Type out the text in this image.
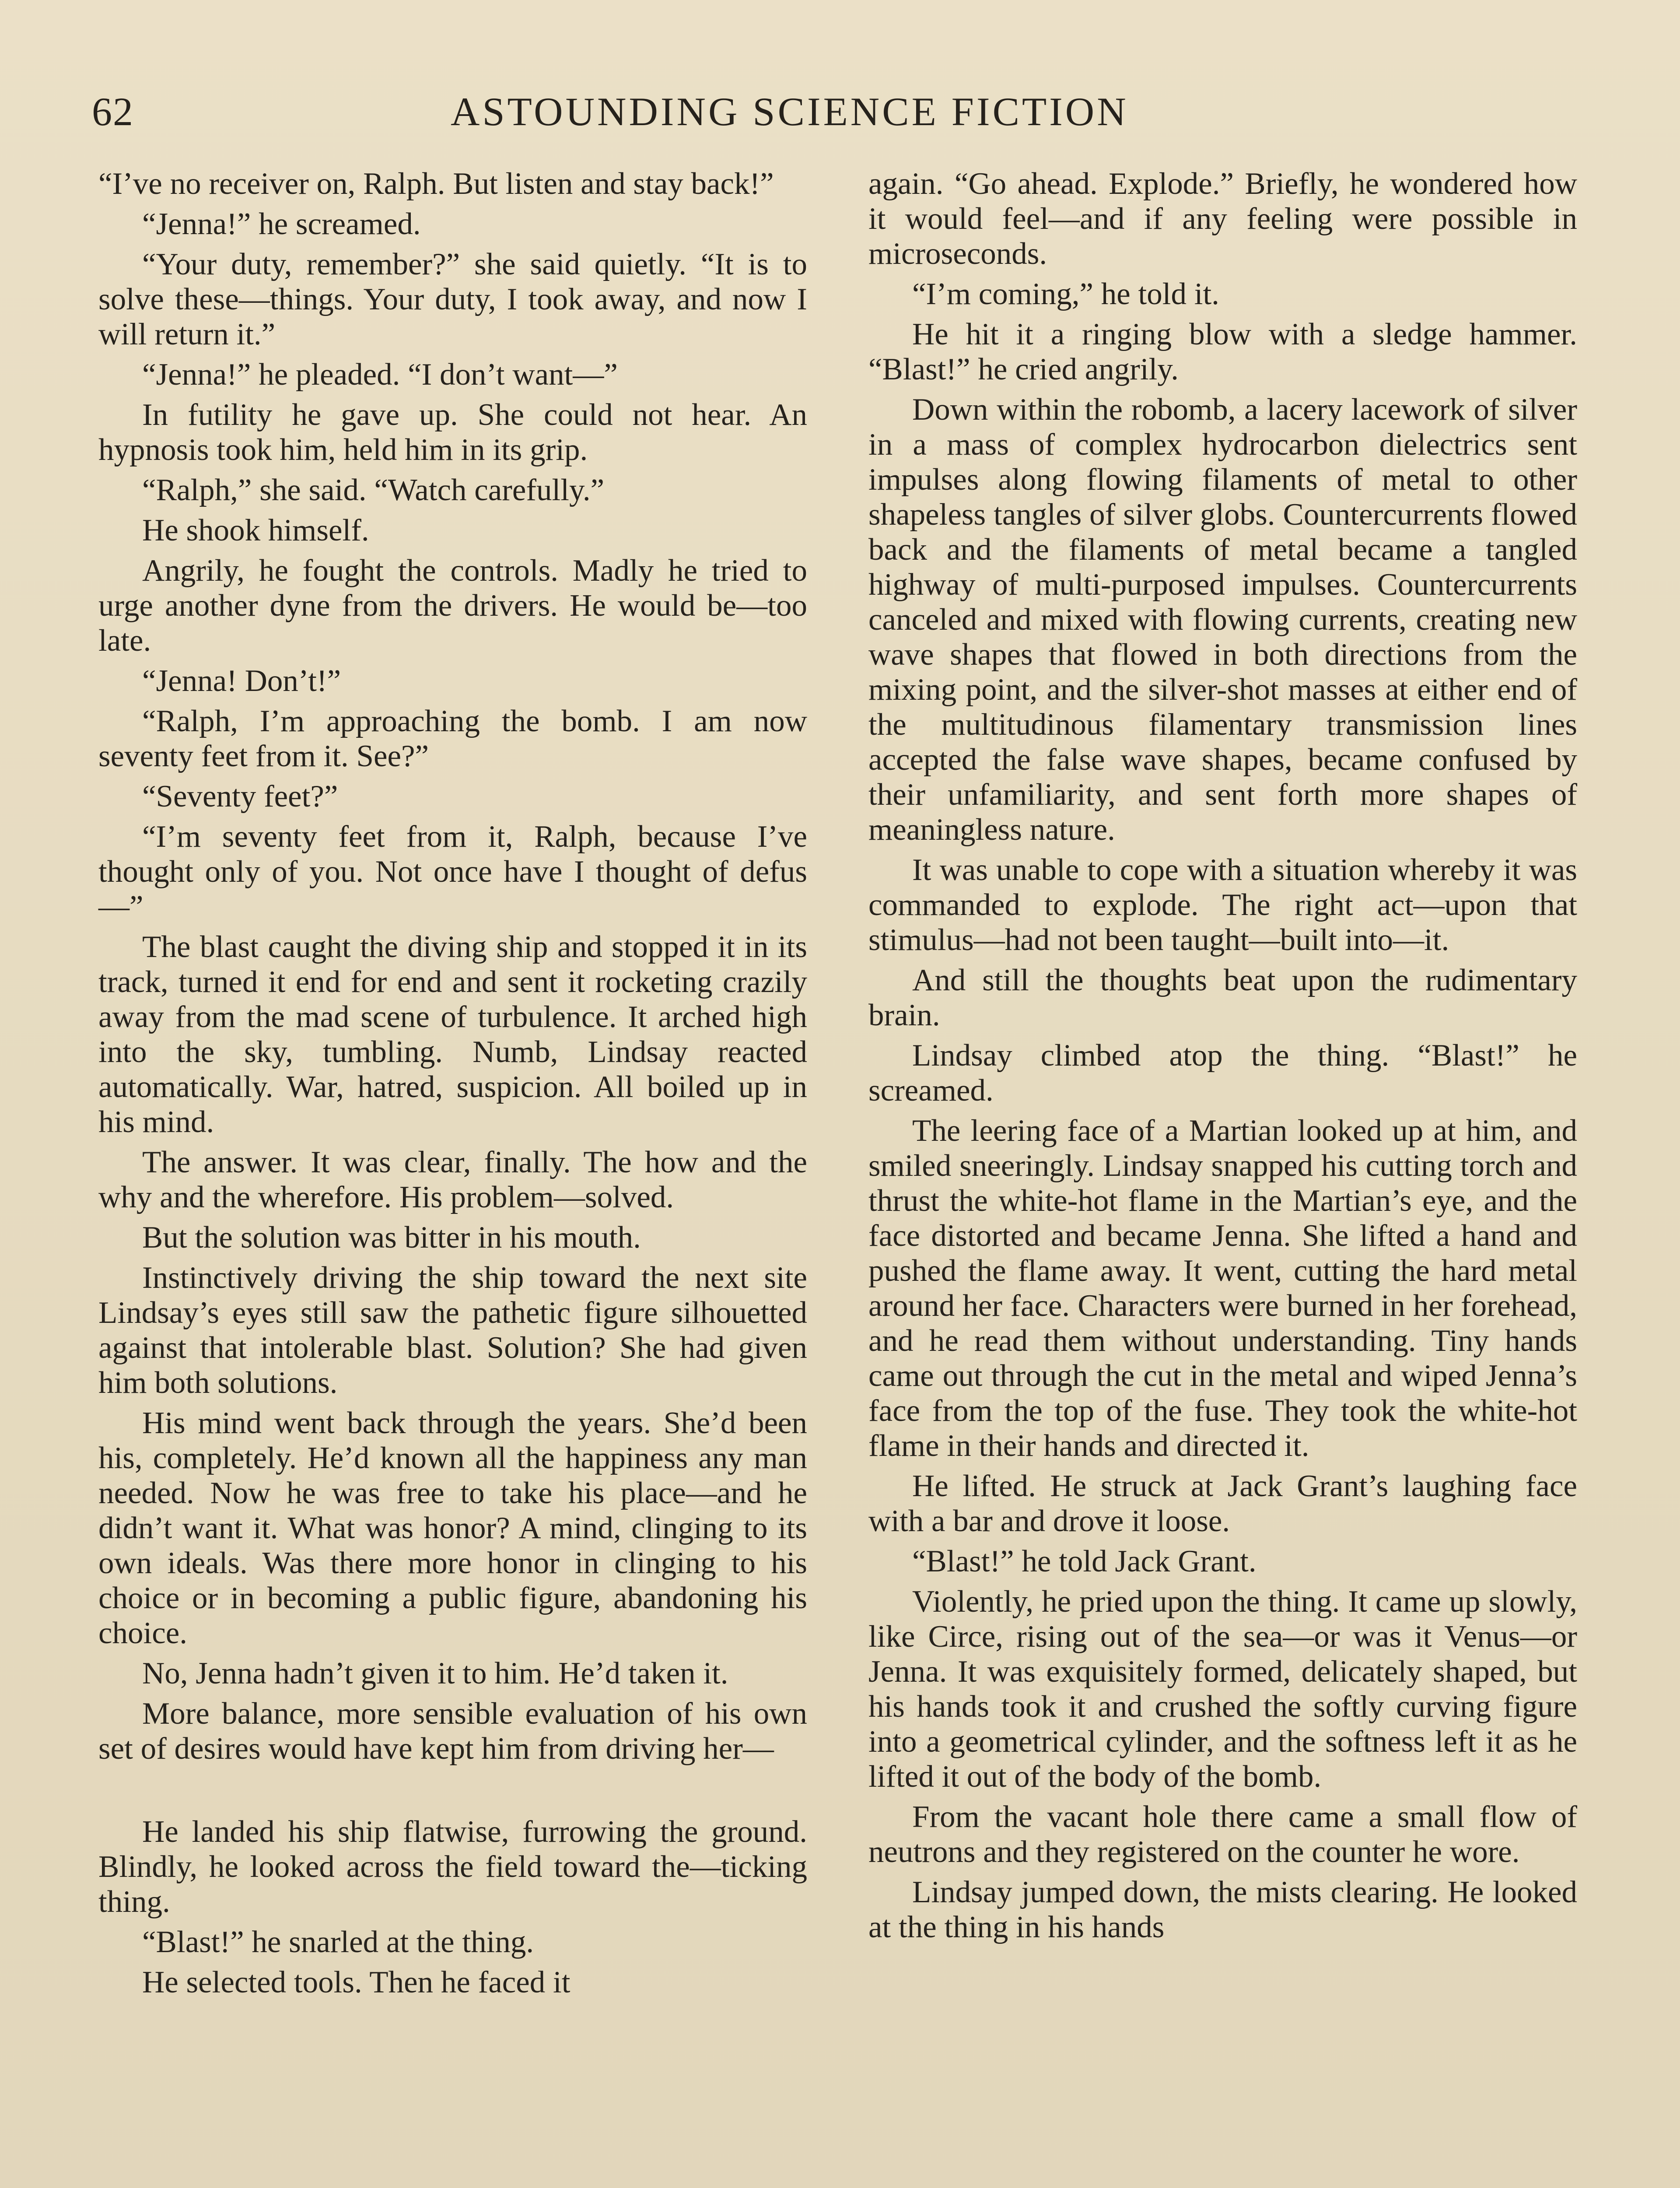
62	ASTOUNDING SCIENCE FICTION

“I’ve no receiver on, Ralph. But listen and stay back!”

“Jenna!” he screamed.

“Your duty, remember?” she said quietly. “It is to solve these—things. Your duty, I took away, and now I will return it.”

“Jenna!” he pleaded. “I don’t want—”

In futility he gave up. She could not hear. An hypnosis took him, held him in its grip.

“Ralph,” she said. “Watch carefully.”

He shook himself.

Angrily, he fought the controls. Madly he tried to urge another dyne from the drivers. He would be—too late.

“Jenna! Don’t!”

“Ralph, I’m approaching the bomb. I am now seventy feet from it. See?”

“Seventy feet?”

“I’m seventy feet from it, Ralph, because I’ve thought only of you. Not once have I thought of defus—”

The blast caught the diving ship and stopped it in its track, turned it end for end and sent it rocketing crazily away from the mad scene of turbulence. It arched high into the sky, tumbling. Numb, Lindsay reacted automatically. War, hatred, suspicion. All boiled up in his mind.

The answer. It was clear, finally. The how and the why and the wherefore. His problem—solved.

But the solution was bitter in his mouth.

Instinctively driving the ship toward the next site Lindsay’s eyes still saw the pathetic figure silhouetted against that intolerable blast. Solution? She had given him both solutions.

His mind went back through the years. She’d been his, completely. He’d known all the happiness any man needed. Now he was free to take his place—and he didn’t want it. What was honor? A mind, clinging to its own ideals. Was there more honor in clinging to his choice or in becoming a public figure, abandoning his choice.

No, Jenna hadn’t given it to him. He’d taken it.

More balance, more sensible evaluation of his own set of desires would have kept him from driving her—

He landed his ship flatwise, furrowing the ground. Blindly, he looked across the field toward the—ticking thing.

“Blast!” he snarled at the thing.

He selected tools. Then he faced it

again. “Go ahead. Explode.” Briefly, he wondered how it would feel—and if any feeling were possible in microseconds.

“I’m coming,” he told it.

He hit it a ringing blow with a sledge hammer. “Blast!” he cried angrily.

Down within the robomb, a lacery lacework of silver in a mass of complex hydrocarbon dielectrics sent impulses along flowing filaments of metal to other shapeless tangles of silver globs. Countercurrents flowed back and the filaments of metal became a tangled highway of multi-purposed impulses. Countercurrents canceled and mixed with flowing currents, creating new wave shapes that flowed in both directions from the mixing point, and the silver-shot masses at either end of the multitudinous filamentary transmission lines accepted the false wave shapes, became confused by their unfamiliarity, and sent forth more shapes of meaningless nature.

It was unable to cope with a situation whereby it was commanded to explode. The right act—upon that stimulus—had not been taught—built into—it.

And still the thoughts beat upon the rudimentary brain.

Lindsay climbed atop the thing. “Blast!” he screamed.

The leering face of a Martian looked up at him, and smiled sneeringly. Lindsay snapped his cutting torch and thrust the white-hot flame in the Martian’s eye, and the face distorted and became Jenna. She lifted a hand and pushed the flame away. It went, cutting the hard metal around her face. Characters were burned in her forehead, and he read them without understanding. Tiny hands came out through the cut in the metal and wiped Jenna’s face from the top of the fuse. They took the white-hot flame in their hands and directed it.

He lifted. He struck at Jack Grant’s laughing face with a bar and drove it loose.

“Blast!” he told Jack Grant.

Violently, he pried upon the thing. It came up slowly, like Circe, rising out of the sea—or was it Venus—or Jenna. It was exquisitely formed, delicately shaped, but his hands took it and crushed the softly curving figure into a geometrical cylinder, and the softness left it as he lifted it out of the body of the bomb.

From the vacant hole there came a small flow of neutrons and they registered on the counter he wore.

Lindsay jumped down, the mists clearing. He looked at the thing in his hands
